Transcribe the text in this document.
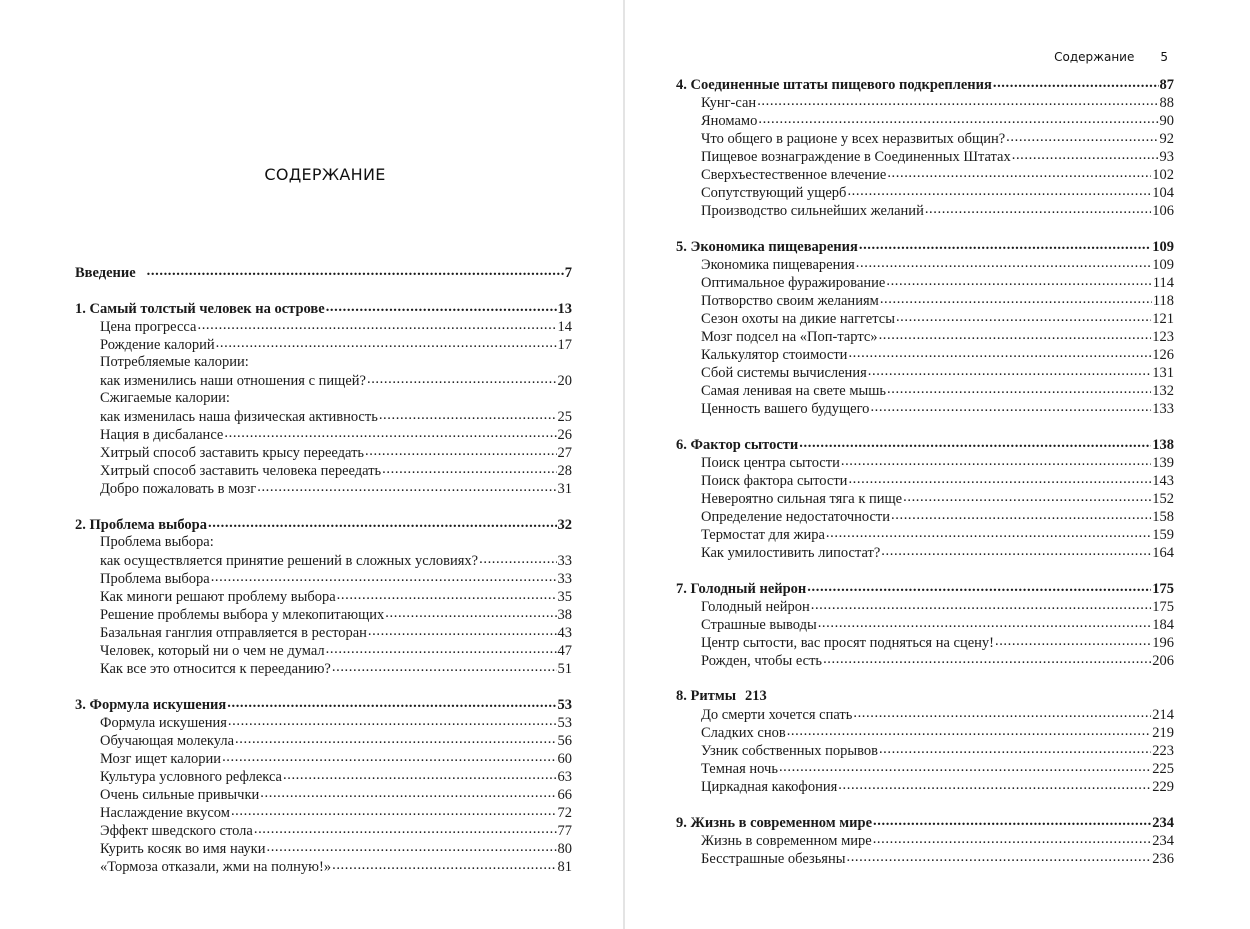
СОДЕРЖАНИЕ
Введение .....	7
1. Самый толстый человек на острове .....	13
Цена прогресса .....	14
Рождение калорий .....	17
Потребляемые калории:
как изменились наши отношения с пищей? .....	20
Сжигаемые калории:
как изменилась наша физическая активность .....	25
Нация в дисбалансе .....	26
Хитрый способ заставить крысу переедать .....	27
Хитрый способ заставить человека переедать .....	28
Добро пожаловать в мозг .....	31
2. Проблема выбора .....	32
Проблема выбора:
как осуществляется принятие решений в сложных условиях? .....	33
Проблема выбора .....	33
Как миноги решают проблему выбора .....	35
Решение проблемы выбора у млекопитающих .....	38
Базальная ганглия отправляется в ресторан .....	43
Человек, который ни о чем не думал .....	47
Как все это относится к перееданию? .....	51
3. Формула искушения .....	53
Формула искушения .....	53
Обучающая молекула .....	56
Мозг ищет калории .....	60
Культура условного рефлекса .....	63
Очень сильные привычки .....	66
Наслаждение вкусом .....	72
Эффект шведского стола .....	77
Курить косяк во имя науки .....	80
«Тормоза отказали, жми на полную!» .....	81
Содержание 5
4. Соединенные штаты пищевого подкрепления .....	87
Кунг-сан .....	88
Яномамо .....	90
Что общего в рационе у всех неразвитых общин? .....	92
Пищевое вознаграждение в Соединенных Штатах .....	93
Сверхъестественное влечение .....	102
Сопутствующий ущерб .....	104
Производство сильнейших желаний .....	106
5. Экономика пищеварения .....	109
Экономика пищеварения .....	109
Оптимальное фуражирование .....	114
Потворство своим желаниям .....	118
Сезон охоты на дикие наггетсы .....	121
Мозг подсел на «Поп-тартс» .....	123
Калькулятор стоимости .....	126
Сбой системы вычисления .....	131
Самая ленивая на свете мышь .....	132
Ценность вашего будущего .....	133
6. Фактор сытости .....	138
Поиск центра сытости .....	139
Поиск фактора сытости .....	143
Невероятно сильная тяга к пище .....	152
Определение недостаточности .....	158
Термостат для жира .....	159
Как умилостивить липостат? .....	164
7. Голодный нейрон .....	175
Голодный нейрон .....	175
Страшные выводы .....	184
Центр сытости, вас просят подняться на сцену! .....	196
Рожден, чтобы есть .....	206
8. Ритмы 213
До смерти хочется спать .....	214
Сладких снов .....	219
Узник собственных порывов .....	223
Темная ночь .....	225
Циркадная какофония .....	229
9. Жизнь в современном мире .....	234
Жизнь в современном мире .....	234
Бесстрашные обезьяны .....	236
